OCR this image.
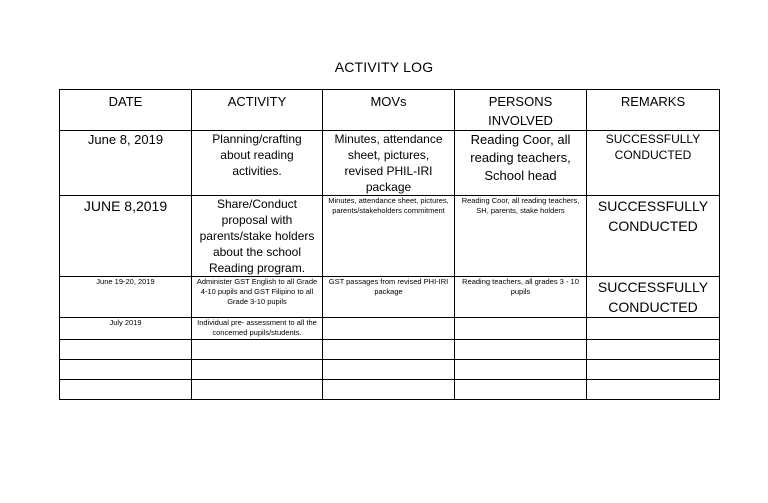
ACTIVITY LOG
DATE	ACTIVITY	MOVs	PERSONS INVOLVED	REMARKS
June 8, 2019	Planning/crafting about reading activities.	Minutes, attendance sheet, pictures, revised PHIL-IRI package	Reading Coor, all reading teachers, School head	SUCCESSFULLY CONDUCTED
JUNE 8,2019	Share/Conduct proposal with parents/stake holders about the school Reading program.	Minutes, attendance sheet, pictures, parents/stakeholders commitment	Reading Coor, all reading teachers, SH, parents, stake holders	SUCCESSFULLY CONDUCTED
June 19-20, 2019	Administer GST English to all Grade 4-10 pupils and GST Filipino to all Grade 3-10 pupils	GST passages from revised PHI-IRI package	Reading teachers, all grades 3 - 10 pupils	SUCCESSFULLY CONDUCTED
July 2019	Individual pre- assessment to all the concerned pupils/students.			
